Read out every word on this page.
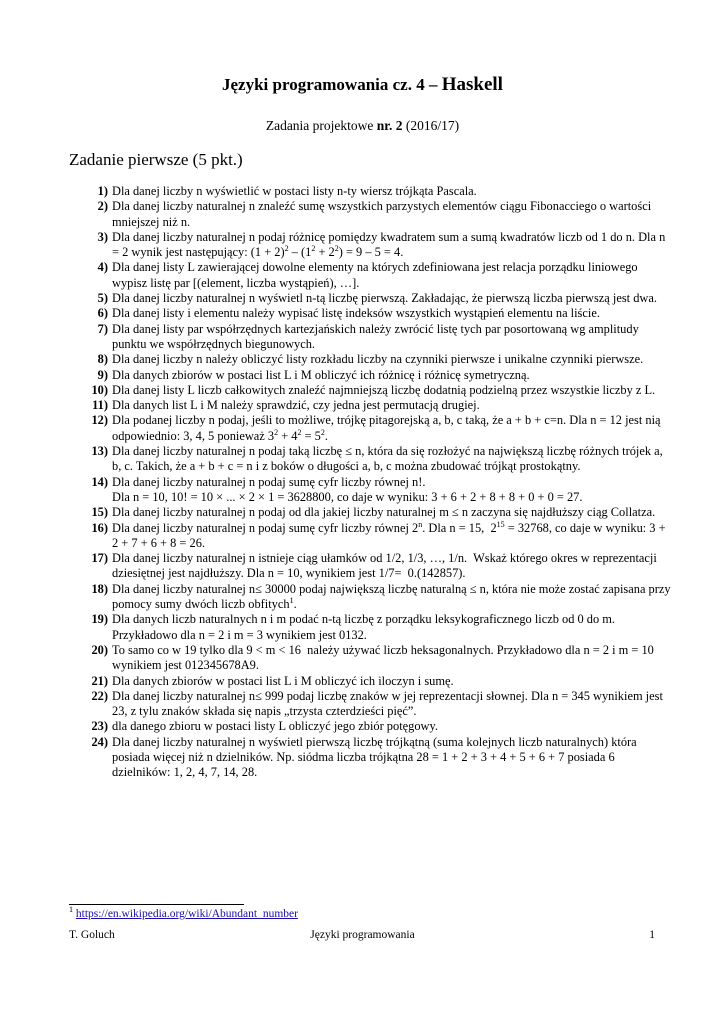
Języki programowania cz. 4 – Haskell
Zadania projektowe nr. 2 (2016/17)
Zadanie pierwsze (5 pkt.)
1) Dla danej liczby n wyświetlić w postaci listy n-ty wiersz trójkąta Pascala.
2) Dla danej liczby naturalnej n znaleźć sumę wszystkich parzystych elementów ciągu Fibonacciego o wartości mniejszej niż n.
3) Dla danej liczby naturalnej n podaj różnicę pomiędzy kwadratem sum a sumą kwadratów liczb od 1 do n. Dla n = 2 wynik jest następujący: $(1 + 2)^2 - (1^2 + 2^2) = 9 - 5 = 4$.
4) Dla danej listy L zawierającej dowolne elementy na których zdefiniowana jest relacja porządku liniowego wypisz listę par [(element, liczba wystąpień), …].
5) Dla danej liczby naturalnej n wyświetl n-tą liczbę pierwszą. Zakładając, że pierwszą liczba pierwszą jest dwa.
6) Dla danej listy i elementu należy wypisać listę indeksów wszystkich wystąpień elementu na liście.
7) Dla danej listy par współrzędnych kartezjańskich należy zwrócić listę tych par posortowaną wg amplitudy punktu we współrzędnych biegunowych.
8) Dla danej liczby n należy obliczyć listy rozkładu liczby na czynniki pierwsze i unikalne czynniki pierwsze.
9) Dla danych zbiorów w postaci list L i M obliczyć ich różnicę i różnicę symetryczną.
10) Dla danej listy L liczb całkowitych znaleźć najmniejszą liczbę dodatnią podzielną przez wszystkie liczby z L.
11) Dla danych list L i M należy sprawdzić, czy jedna jest permutacją drugiej.
12) Dla podanej liczby n podaj, jeśli to możliwe, trójkę pitagorejską a, b, c taką, że a + b + c=n. Dla n = 12 jest nią odpowiednio: 3, 4, 5 ponieważ $3^2 + 4^2 = 5^2$.
13) Dla danej liczby naturalnej n podaj taką liczbę ≤ n, która da się rozłożyć na największą liczbę różnych trójek a, b, c. Takich, że a + b + c = n i z boków o długości a, b, c można zbudować trójkąt prostokątny.
14) Dla danej liczby naturalnej n podaj sumę cyfr liczby równej n!.
Dla n = 10, 10! = 10 × ... × 2 × 1 = 3628800, co daje w wyniku: 3 + 6 + 2 + 8 + 8 + 0 + 0 = 27.
15) Dla danej liczby naturalnej n podaj od dla jakiej liczby naturalnej m ≤ n zaczyna się najdłuższy ciąg Collatza.
16) Dla danej liczby naturalnej n podaj sumę cyfr liczby równej 2$^n$. Dla n = 15,  $2^{15} = 32768$, co daje w wyniku: 3 + 2 + 7 + 6 + 8 = 26.
17) Dla danej liczby naturalnej n istnieje ciąg ułamków od 1/2, 1/3, …, 1/n.  Wskaż którego okres w reprezentacji dziesiętnej jest najdłuższy. Dla n = 10, wynikiem jest 1/7=  0.(142857).
18) Dla danej liczby naturalnej n≤ 30000 podaj największą liczbę naturalną ≤ n, która nie może zostać zapisana przy pomocy sumy dwóch liczb obfitych$^1$.
19) Dla danych liczb naturalnych n i m podać n-tą liczbę z porządku leksykograficznego liczb od 0 do m. Przykładowo dla n = 2 i m = 3 wynikiem jest 0132.
20) To samo co w 19 tylko dla 9 < m < 16  należy używać liczb heksagonalnych. Przykładowo dla n = 2 i m = 10 wynikiem jest 012345678A9.
21) Dla danych zbiorów w postaci list L i M obliczyć ich iloczyn i sumę.
22) Dla danej liczby naturalnej n≤ 999 podaj liczbę znaków w jej reprezentacji słownej. Dla n = 345 wynikiem jest 23, z tylu znaków składa się napis „trzysta czterdzieści pięć”.
23) dla danego zbioru w postaci listy L obliczyć jego zbiór potęgowy.
24) Dla danej liczby naturalnej n wyświetl pierwszą liczbę trójkątną (suma kolejnych liczb naturalnych) która posiada więcej niż n dzielników. Np. siódma liczba trójkątna 28 = 1 + 2 + 3 + 4 + 5 + 6 + 7 posiada 6 dzielników: 1, 2, 4, 7, 14, 28.
$^1$ https://en.wikipedia.org/wiki/Abundant_number
T. Goluch	Języki programowania	1
